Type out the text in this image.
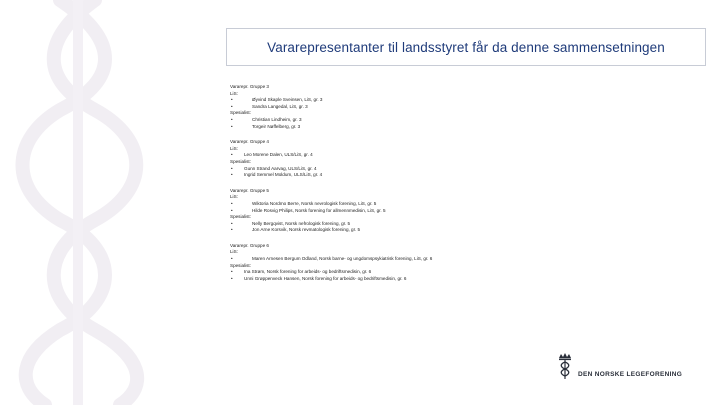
Vararepresentanter til landsstyret får da denne sammensetningen
Vararepr. Gruppe 3
LiS:
•	Øyvind Skaple Sveinsen, LiS, gr. 3
•	Sandra Langedal, LiS, gr. 3
Spesialist:
•	Christian Lindheim, gr. 3
•	Torgeir Nøffelberg, gr. 3
Vararepr. Gruppe 4
LiS:
• Leo Morene Dalen, ULS/LiS, gr. 4
Spesialist:
• Gunn Strand Aarvag, ULS/LiS, gr. 4
• Ingrid Semmel Moldum, ULS/LiS, gr. 4
Vararepr. Gruppe 5
LiS:
•	Wiktoria Nordmo Berre, Norsk nevrologisk forening, LiS, gr. 5
•	Hilde Rosvig Philips, Norsk forening for allmennmedisin, LiS, gr. 5
Spesialist:
•	Nelly Bergqvist, Norsk nefrologisk forening, gr. 5
•	Jon Arne Korsvik, Norsk revmatologisk forening, gr. 5
Vararepr. Gruppe 6
LiS:
•	Maren Arnesen Bergum Odland, Norsk barne- og ungdomspsykiatrisk forening, LiS, gr. 6
Spesialist:
• Ina Strøm, Norsk forening for arbeids- og bedriftsmedisin, gr. 6
• Unni Grøppenveck Hansen, Norsk forening for arbeids- og bedriftsmedisin, gr. 6
DEN NORSKE LEGEFORENING
